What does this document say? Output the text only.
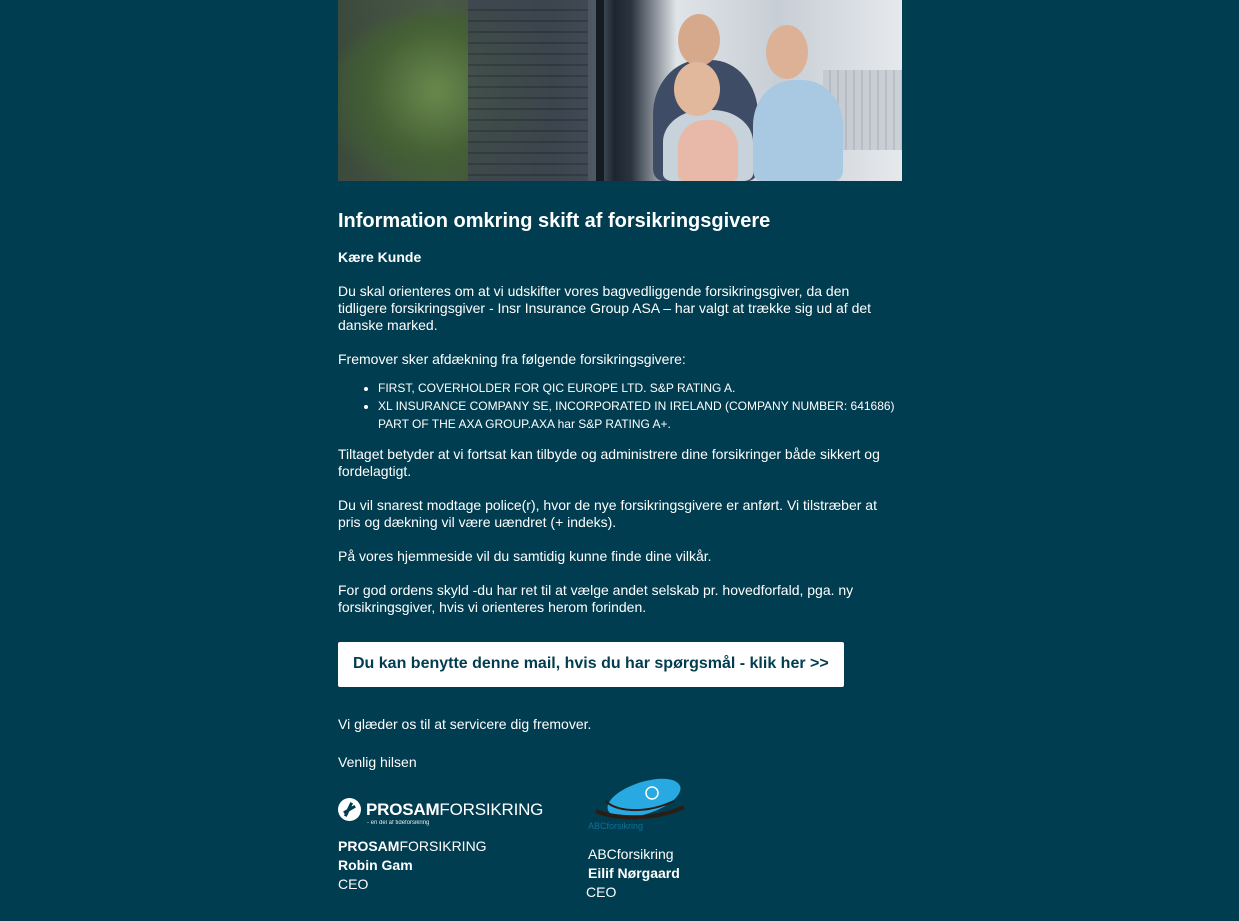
Information omkring skift af forsikringsgivere
Kære Kunde

Du skal orienteres om at vi udskifter vores bagvedliggende forsikringsgiver, da den tidligere forsikringsgiver - Insr Insurance Group ASA – har valgt at trække sig ud af det danske marked.

Fremover sker afdækning fra følgende forsikringsgivere:

• FIRST, COVERHOLDER FOR QIC EUROPE LTD. S&P RATING A.
• XL INSURANCE COMPANY SE, INCORPORATED IN IRELAND (COMPANY NUMBER: 641686) PART OF THE AXA GROUP.AXA har S&P RATING A+.

Tiltaget betyder at vi fortsat kan tilbyde og administrere dine forsikringer både sikkert og fordelagtigt.

Du vil snarest modtage police(r), hvor de nye forsikringsgivere er anført. Vi tilstræber at pris og dækning vil være uændret (+ indeks).

På vores hjemmeside vil du samtidig kunne finde dine vilkår.

For god ordens skyld -du har ret til at vælge andet selskab pr. hovedforfald, pga. ny forsikringsgiver, hvis vi orienteres herom forinden.

Du kan benytte denne mail, hvis du har spørgsmål - klik her >>
Vi glæder os til at servicere dig fremover.
Venlig hilsen
PROSAMFORSIKRING
- en del af tideforsikring
PROSAMFORSIKRING
Robin Gam
CEO
ABCforsikring
ABCforsikring
Eilif Nørgaard
CEO
